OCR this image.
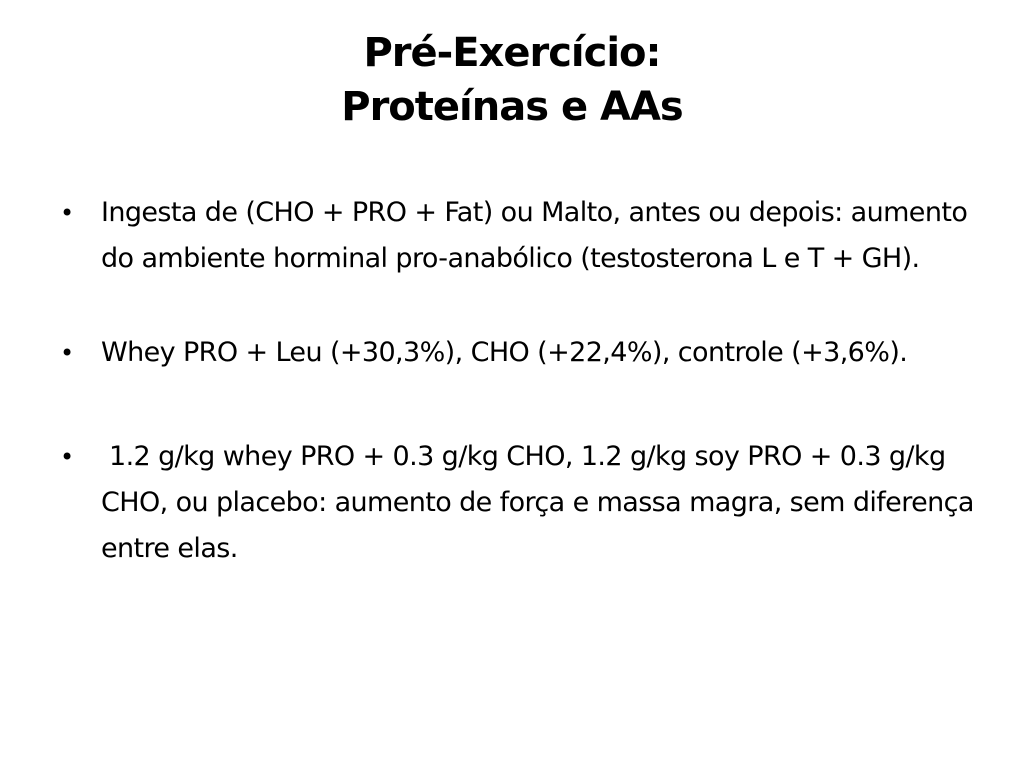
Pré-Exercício:
Proteínas e AAs
• Ingesta de (CHO + PRO + Fat) ou Malto, antes ou depois: aumento do ambiente horminal pro-anabólico (testosterona L e T + GH).
• Whey PRO + Leu (+30,3%), CHO (+22,4%), controle (+3,6%).
• 1.2 g/kg whey PRO + 0.3 g/kg CHO, 1.2 g/kg soy PRO + 0.3 g/kg CHO, ou placebo: aumento de força e massa magra, sem diferença entre elas.
